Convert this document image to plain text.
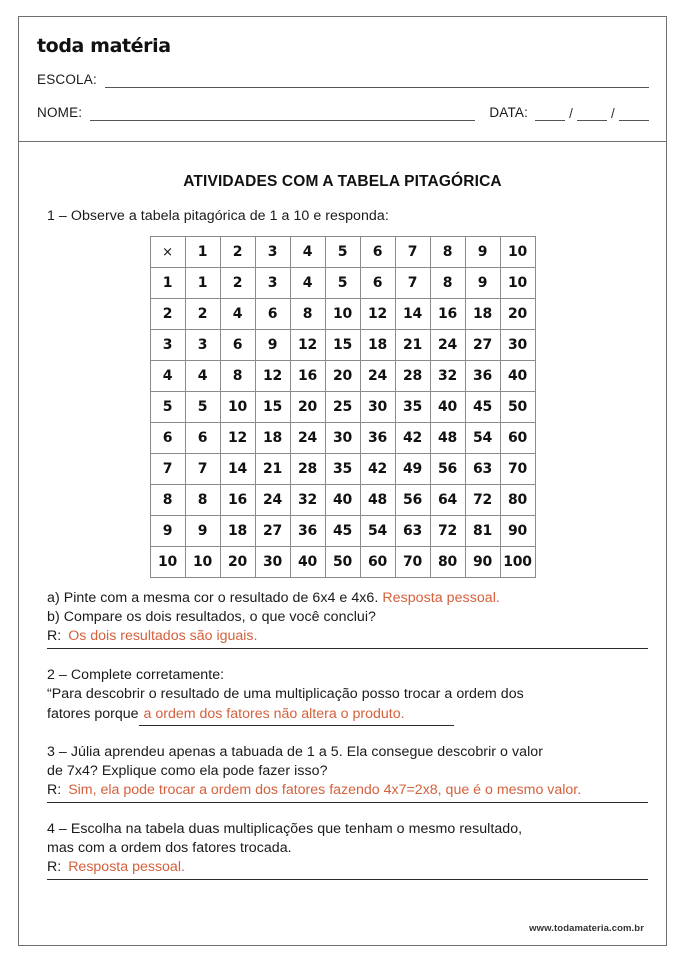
toda matéria
ESCOLA:
NOME:	DATA:	/	/
ATIVIDADES COM A TABELA PITAGÓRICA
1 – Observe a tabela pitagórica de 1 a 10 e responda:
×	1	2	3	4	5	6	7	8	9	10
1	1	2	3	4	5	6	7	8	9	10
2	2	4	6	8	10	12	14	16	18	20
3	3	6	9	12	15	18	21	24	27	30
4	4	8	12	16	20	24	28	32	36	40
5	5	10	15	20	25	30	35	40	45	50
6	6	12	18	24	30	36	42	48	54	60
7	7	14	21	28	35	42	49	56	63	70
8	8	16	24	32	40	48	56	64	72	80
9	9	18	27	36	45	54	63	72	81	90
10	10	20	30	40	50	60	70	80	90	100
a) Pinte com a mesma cor o resultado de 6x4 e 4x6. Resposta pessoal.
b) Compare os dois resultados, o que você conclui?
R: Os dois resultados são iguais.
2 – Complete corretamente:
“Para descobrir o resultado de uma multiplicação posso trocar a ordem dos
fatores porque a ordem dos fatores não altera o produto.
3 – Júlia aprendeu apenas a tabuada de 1 a 5. Ela consegue descobrir o valor
de 7x4? Explique como ela pode fazer isso?
R: Sim, ela pode trocar a ordem dos fatores fazendo 4x7=2x8, que é o mesmo valor.
4 – Escolha na tabela duas multiplicações que tenham o mesmo resultado,
mas com a ordem dos fatores trocada.
R: Resposta pessoal.
www.todamateria.com.br
